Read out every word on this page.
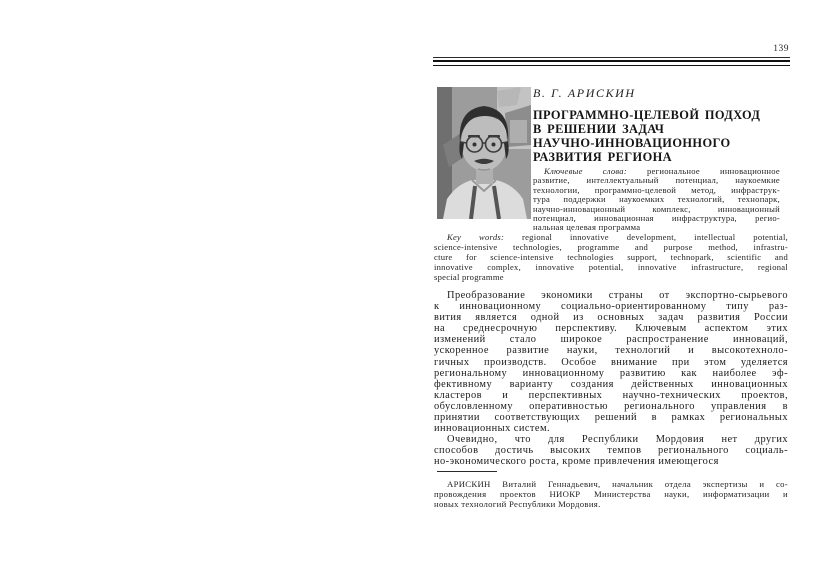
139
В. Г. АРИСКИН
ПРОГРАММНО-ЦЕЛЕВОЙ ПОДХОД
В РЕШЕНИИ ЗАДАЧ
НАУЧНО-ИННОВАЦИОННОГО
РАЗВИТИЯ РЕГИОНА
Ключевые слова: региональное инновационное
развитие, интеллектуальный потенциал, наукоемкие
технологии, программно-целевой метод, инфраструк-
тура поддержки наукоемких технологий, технопарк,
научно-инновационный комплекс, инновационный
потенциал, инновационная инфраструктура, регио-
нальная целевая программа
Key words: regional innovative development, intellectual potential,
science-intensive technologies, programme and purpose method, infrastru-
cture for science-intensive technologies support, technopark, scientific and
innovative complex, innovative potential, innovative infrastructure, regional
special programme
Преобразование экономики страны от экспортно-сырьевого
к инновационному социально-ориентированному типу раз-
вития является одной из основных задач развития России
на среднесрочную перспективу. Ключевым аспектом этих
изменений стало широкое распространение инноваций,
ускоренное развитие науки, технологий и высокотехноло-
гичных производств. Особое внимание при этом уделяется
региональному инновационному развитию как наиболее эф-
фективному варианту создания действенных инновационных
кластеров и перспективных научно-технических проектов,
обусловленному оперативностью регионального управления в
принятии соответствующих решений в рамках региональных
инновационных систем.
Очевидно, что для Республики Мордовия нет других
способов достичь высоких темпов регионального социаль-
но-экономического роста, кроме привлечения имеющегося
АРИСКИН Виталий Геннадьевич, начальник отдела экспертизы и со-
провождения проектов НИОКР Министерства науки, информатизации и
новых технологий Республики Мордовия.
